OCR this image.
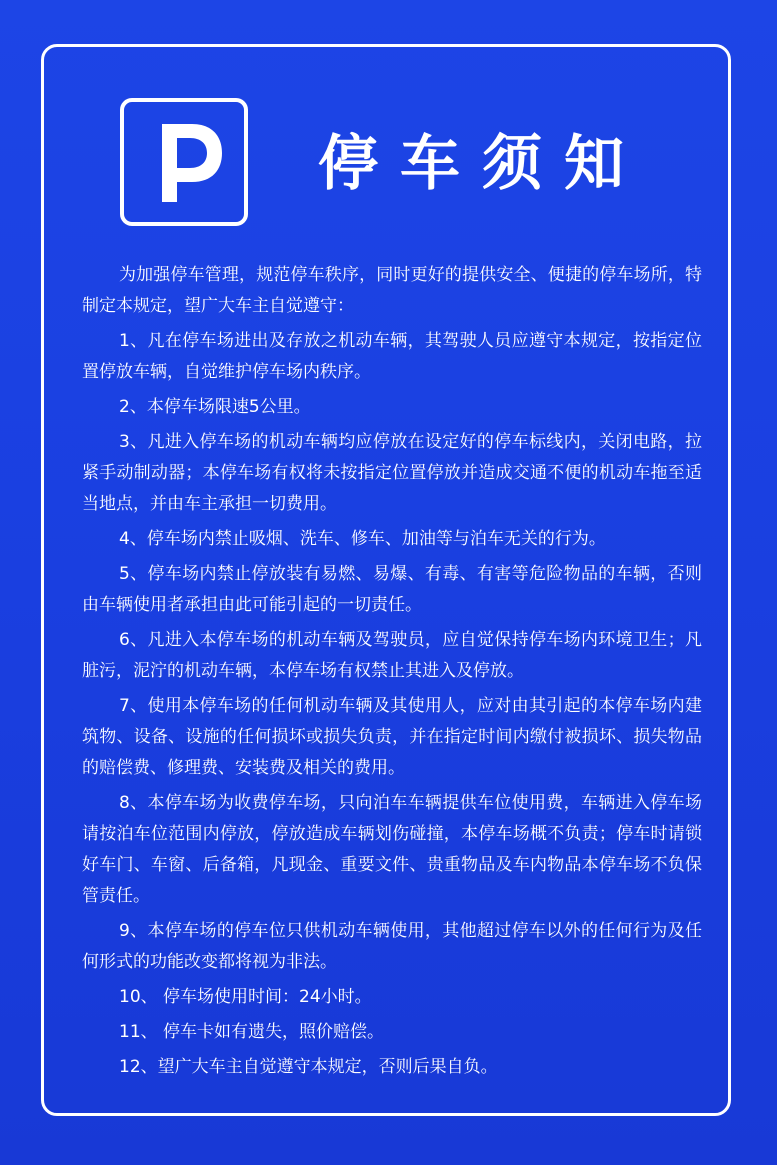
停车须知

为加强停车管理，规范停车秩序，同时更好的提供安全、便捷的停车场所，特制定本规定，望广大车主自觉遵守：

1、凡在停车场进出及存放之机动车辆，其驾驶人员应遵守本规定，按指定位置停放车辆，自觉维护停车场内秩序。

2、本停车场限速5公里。

3、凡进入停车场的机动车辆均应停放在设定好的停车标线内，关闭电路，拉紧手动制动器；本停车场有权将未按指定位置停放并造成交通不便的机动车拖至适当地点，并由车主承担一切费用。

4、停车场内禁止吸烟、洗车、修车、加油等与泊车无关的行为。

5、停车场内禁止停放装有易燃、易爆、有毒、有害等危险物品的车辆，否则由车辆使用者承担由此可能引起的一切责任。

6、凡进入本停车场的机动车辆及驾驶员，应自觉保持停车场内环境卫生；凡脏污，泥泞的机动车辆，本停车场有权禁止其进入及停放。

7、使用本停车场的任何机动车辆及其使用人，应对由其引起的本停车场内建筑物、设备、设施的任何损坏或损失负责，并在指定时间内缴付被损坏、损失物品的赔偿费、修理费、安装费及相关的费用。

8、本停车场为收费停车场，只向泊车车辆提供车位使用费，车辆进入停车场请按泊车位范围内停放，停放造成车辆划伤碰撞，本停车场概不负责；停车时请锁好车门、车窗、后备箱，凡现金、重要文件、贵重物品及车内物品本停车场不负保管责任。

9、本停车场的停车位只供机动车辆使用，其他超过停车以外的任何行为及任何形式的功能改变都将视为非法。

10、 停车场使用时间：24小时。

11、 停车卡如有遗失，照价赔偿。

12、望广大车主自觉遵守本规定，否则后果自负。
